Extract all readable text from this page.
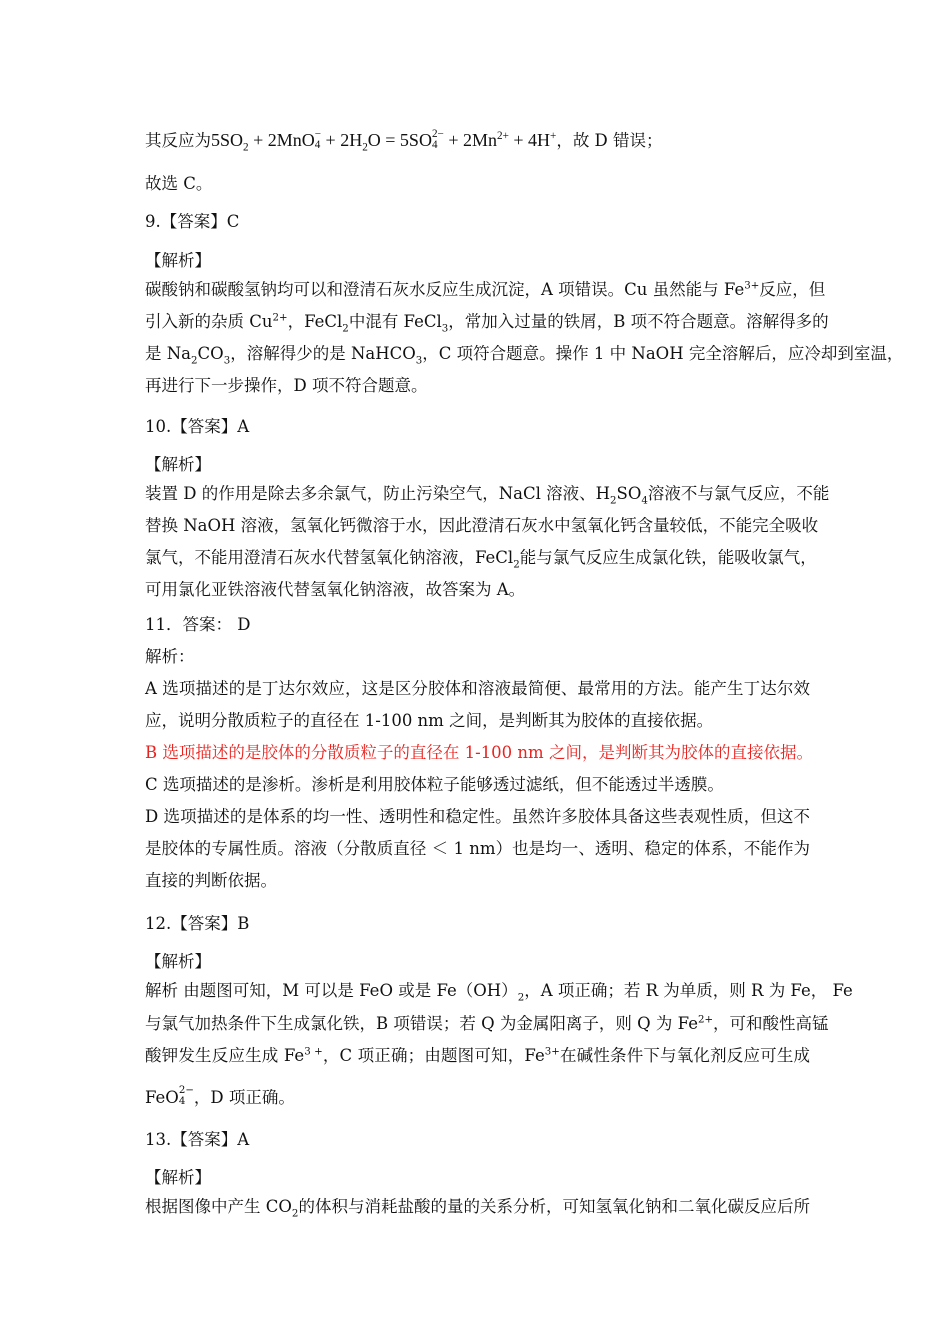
其反应为$5SO_2 + 2MnO$ −
$4 + 2H_2O = 5SO$ 2−
$4 + 2Mn^{2+} + 4H^+$，故 D 错误；
故选 C。
9.【答案】C
【解析】
碳酸钠和碳酸氢钠均可以和澄清石灰水反应生成沉淀，A 项错误。Cu 虽然能与 $Fe^{3+}$反应，但
引入新的杂质 $Cu^{2+}$，FeCl$_2$中混有 FeCl$_3$，常加入过量的铁屑，B 项不符合题意。溶解得多的
是 $Na_2CO_3$，溶解得少的是 NaHCO$_3$，C 项符合题意。操作 1 中 NaOH 完全溶解后，应冷却到室温，
再进行下一步操作，D 项不符合题意。
10.【答案】A
【解析】
装置 D 的作用是除去多余氯气，防止污染空气，NaCl 溶液、$H_2SO_4$溶液不与氯气反应，不能
替换 NaOH 溶液，氢氧化钙微溶于水，因此澄清石灰水中氢氧化钙含量较低，不能完全吸收
氯气，不能用澄清石灰水代替氢氧化钠溶液，FeCl$_2$能与氯气反应生成氯化铁，能吸收氯气，
可用氯化亚铁溶液代替氢氧化钠溶液，故答案为 A。
11．答案： D
解析：
A 选项描述的是丁达尔效应，这是区分胶体和溶液最简便、最常用的方法。能产生丁达尔效
应，说明分散质粒子的直径在 1-100 nm 之间，是判断其为胶体的直接依据。
B 选项描述的是胶体的分散质粒子的直径在 1-100 nm 之间，是判断其为胶体的直接依据。
C 选项描述的是渗析。渗析是利用胶体粒子能够透过滤纸，但不能透过半透膜。
D 选项描述的是体系的均一性、透明性和稳定性。虽然许多胶体具备这些表观性质，但这不
是胶体的专属性质。溶液（分散质直径 ＜ 1 nm）也是均一、透明、稳定的体系，不能作为
直接的判断依据。
12.【答案】B
【解析】
解析 由题图可知，M 可以是 FeO 或是 $Fe(OH)_2$，A 项正确；若 R 为单质，则 R 为 Fe， Fe
与氯气加热条件下生成氯化铁，B 项错误；若 Q 为金属阳离子，则 Q 为 $Fe^{2+}$，可和酸性高锰
酸钾发生反应生成 $Fe^{3 +}$，C 项正确；由题图可知，$Fe^{3+}$在碱性条件下与氧化剂反应可生成
FeO 2−
4 ，D 项正确。
13.【答案】A
【解析】
根据图像中产生 $CO_2$的体积与消耗盐酸的量的关系分析，可知氢氧化钠和二氧化碳反应后所
